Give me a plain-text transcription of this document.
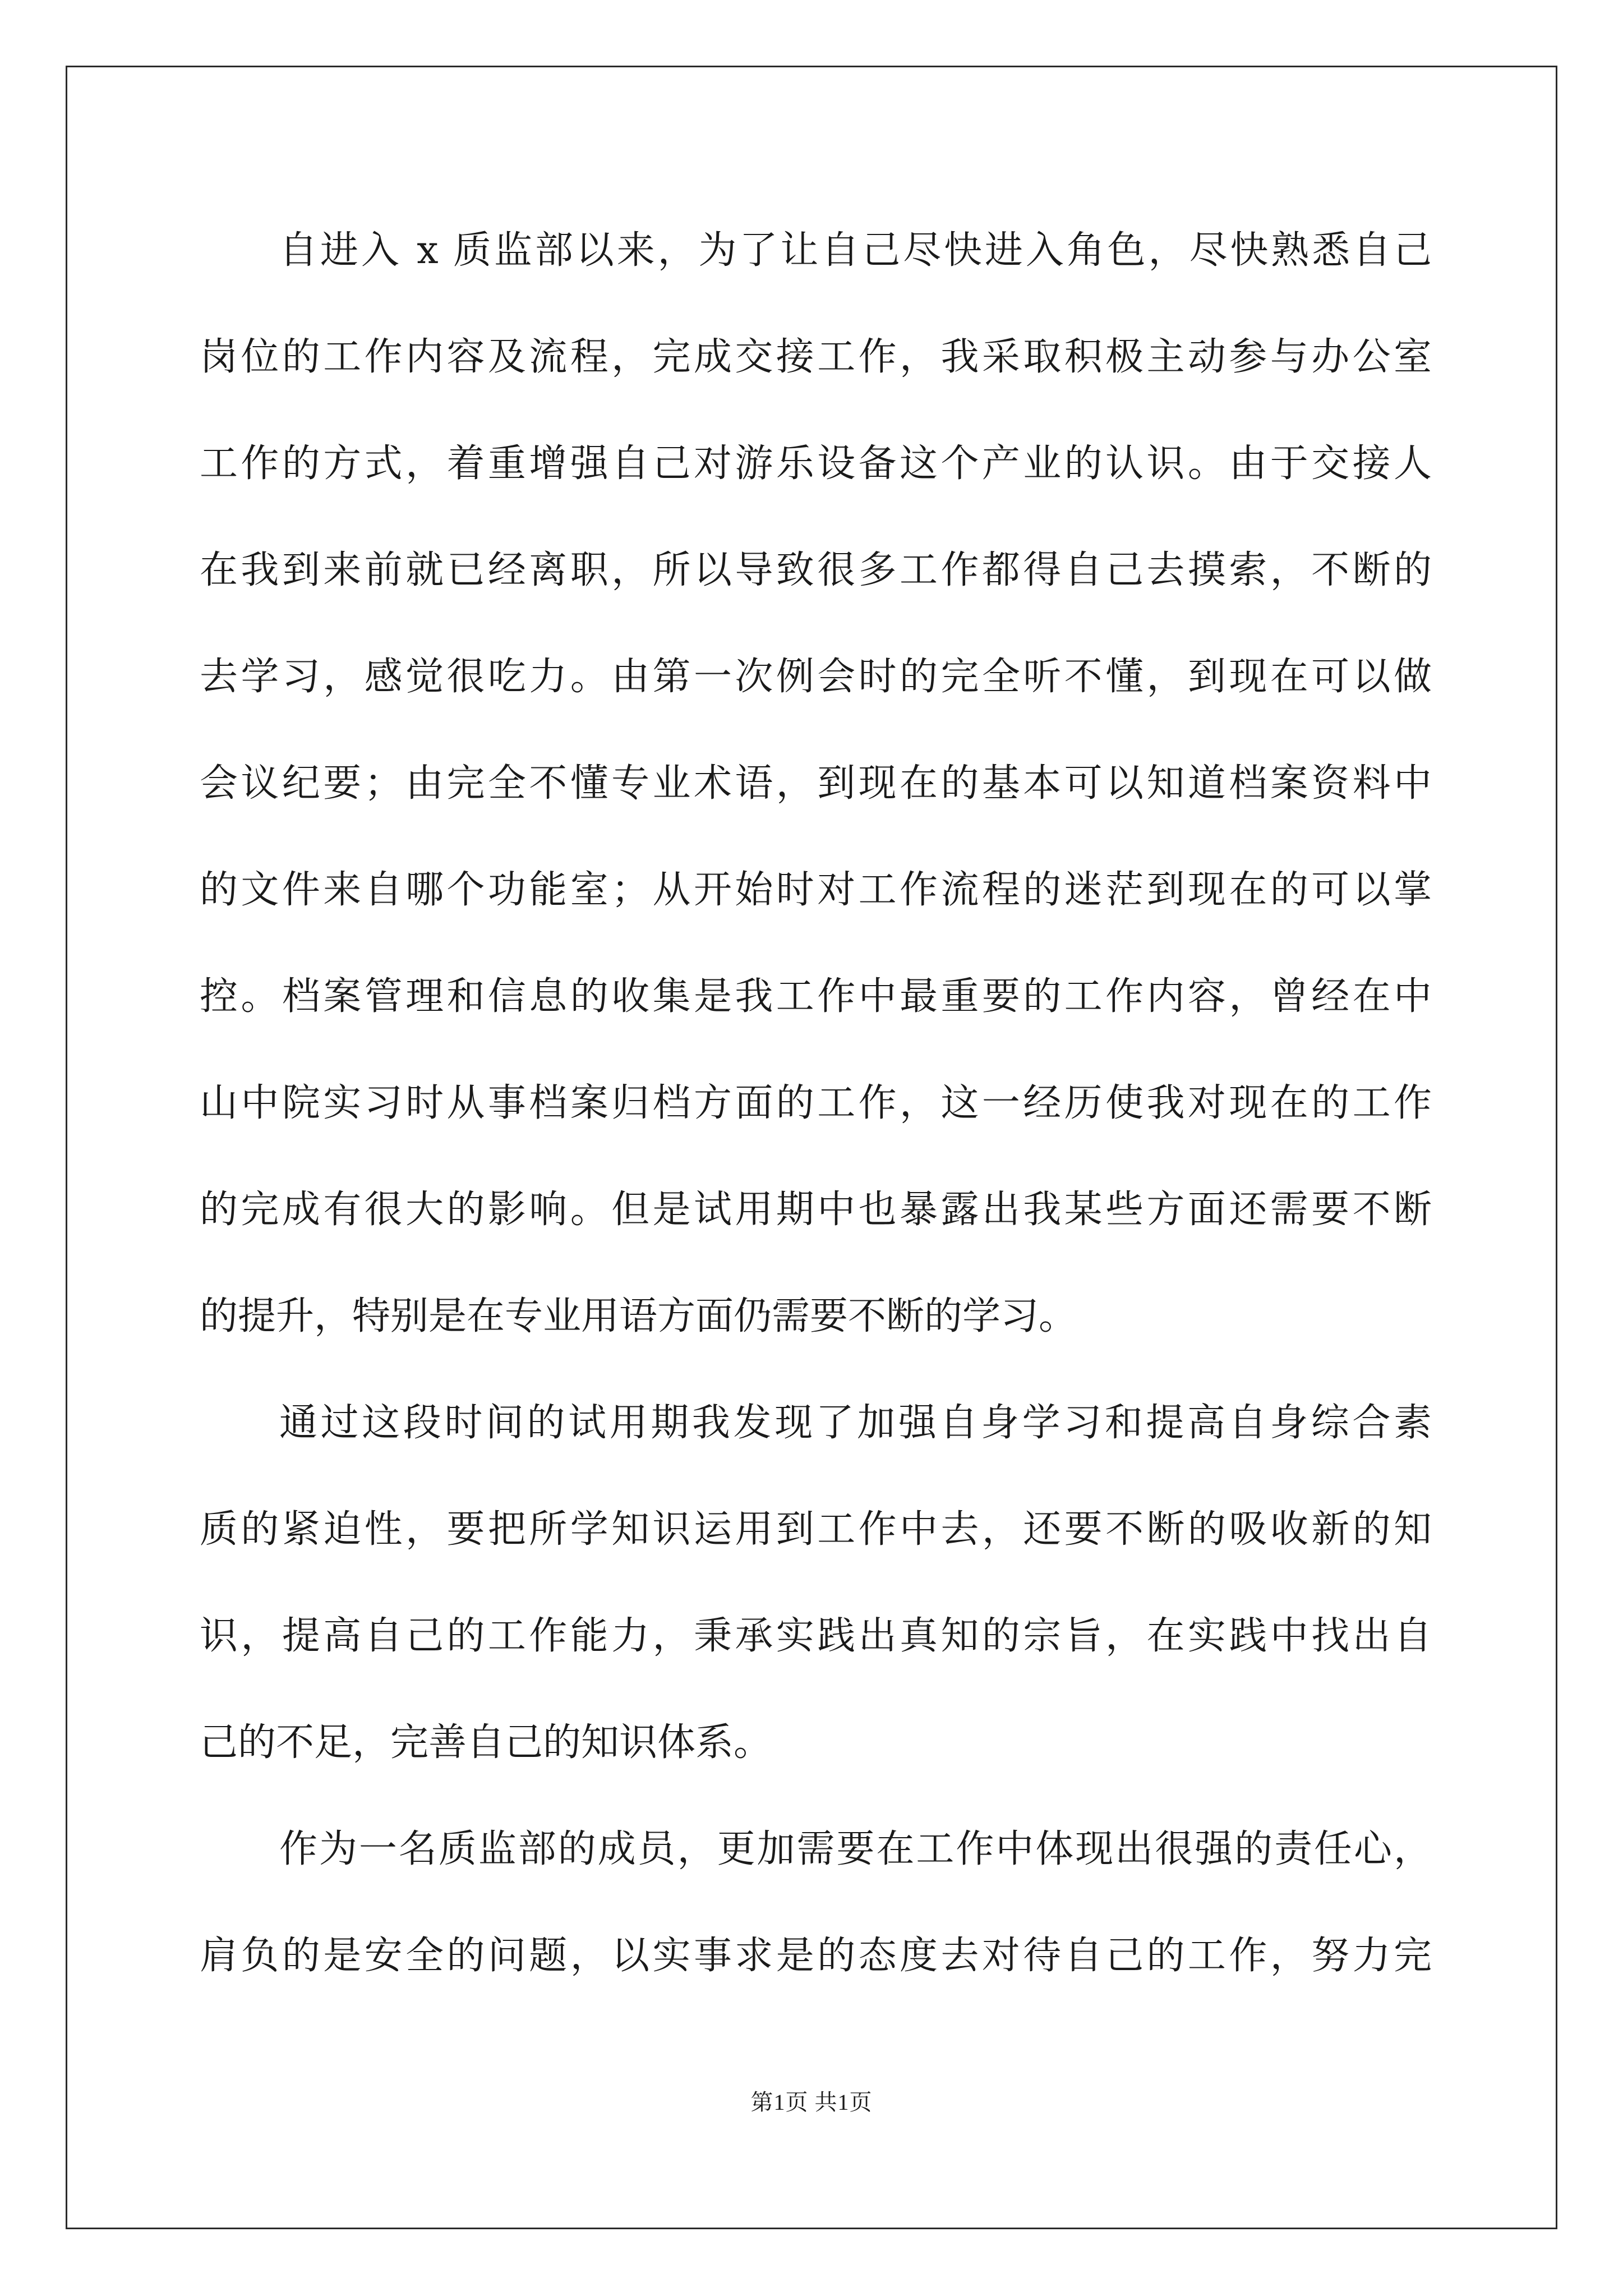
自进入 x 质监部以来，为了让自己尽快进入角色，尽快熟悉自己
岗位的工作内容及流程，完成交接工作，我采取积极主动参与办公室
工作的方式，着重增强自己对游乐设备这个产业的认识。由于交接人
在我到来前就已经离职，所以导致很多工作都得自己去摸索，不断的
去学习，感觉很吃力。由第一次例会时的完全听不懂，到现在可以做
会议纪要；由完全不懂专业术语，到现在的基本可以知道档案资料中
的文件来自哪个功能室；从开始时对工作流程的迷茫到现在的可以掌
控。档案管理和信息的收集是我工作中最重要的工作内容，曾经在中
山中院实习时从事档案归档方面的工作，这一经历使我对现在的工作
的完成有很大的影响。但是试用期中也暴露出我某些方面还需要不断
的提升，特别是在专业用语方面仍需要不断的学习。
通过这段时间的试用期我发现了加强自身学习和提高自身综合素
质的紧迫性，要把所学知识运用到工作中去，还要不断的吸收新的知
识，提高自己的工作能力，秉承实践出真知的宗旨，在实践中找出自
己的不足，完善自己的知识体系。
作为一名质监部的成员，更加需要在工作中体现出很强的责任心，
肩负的是安全的问题，以实事求是的态度去对待自己的工作，努力完
第1页 共1页
